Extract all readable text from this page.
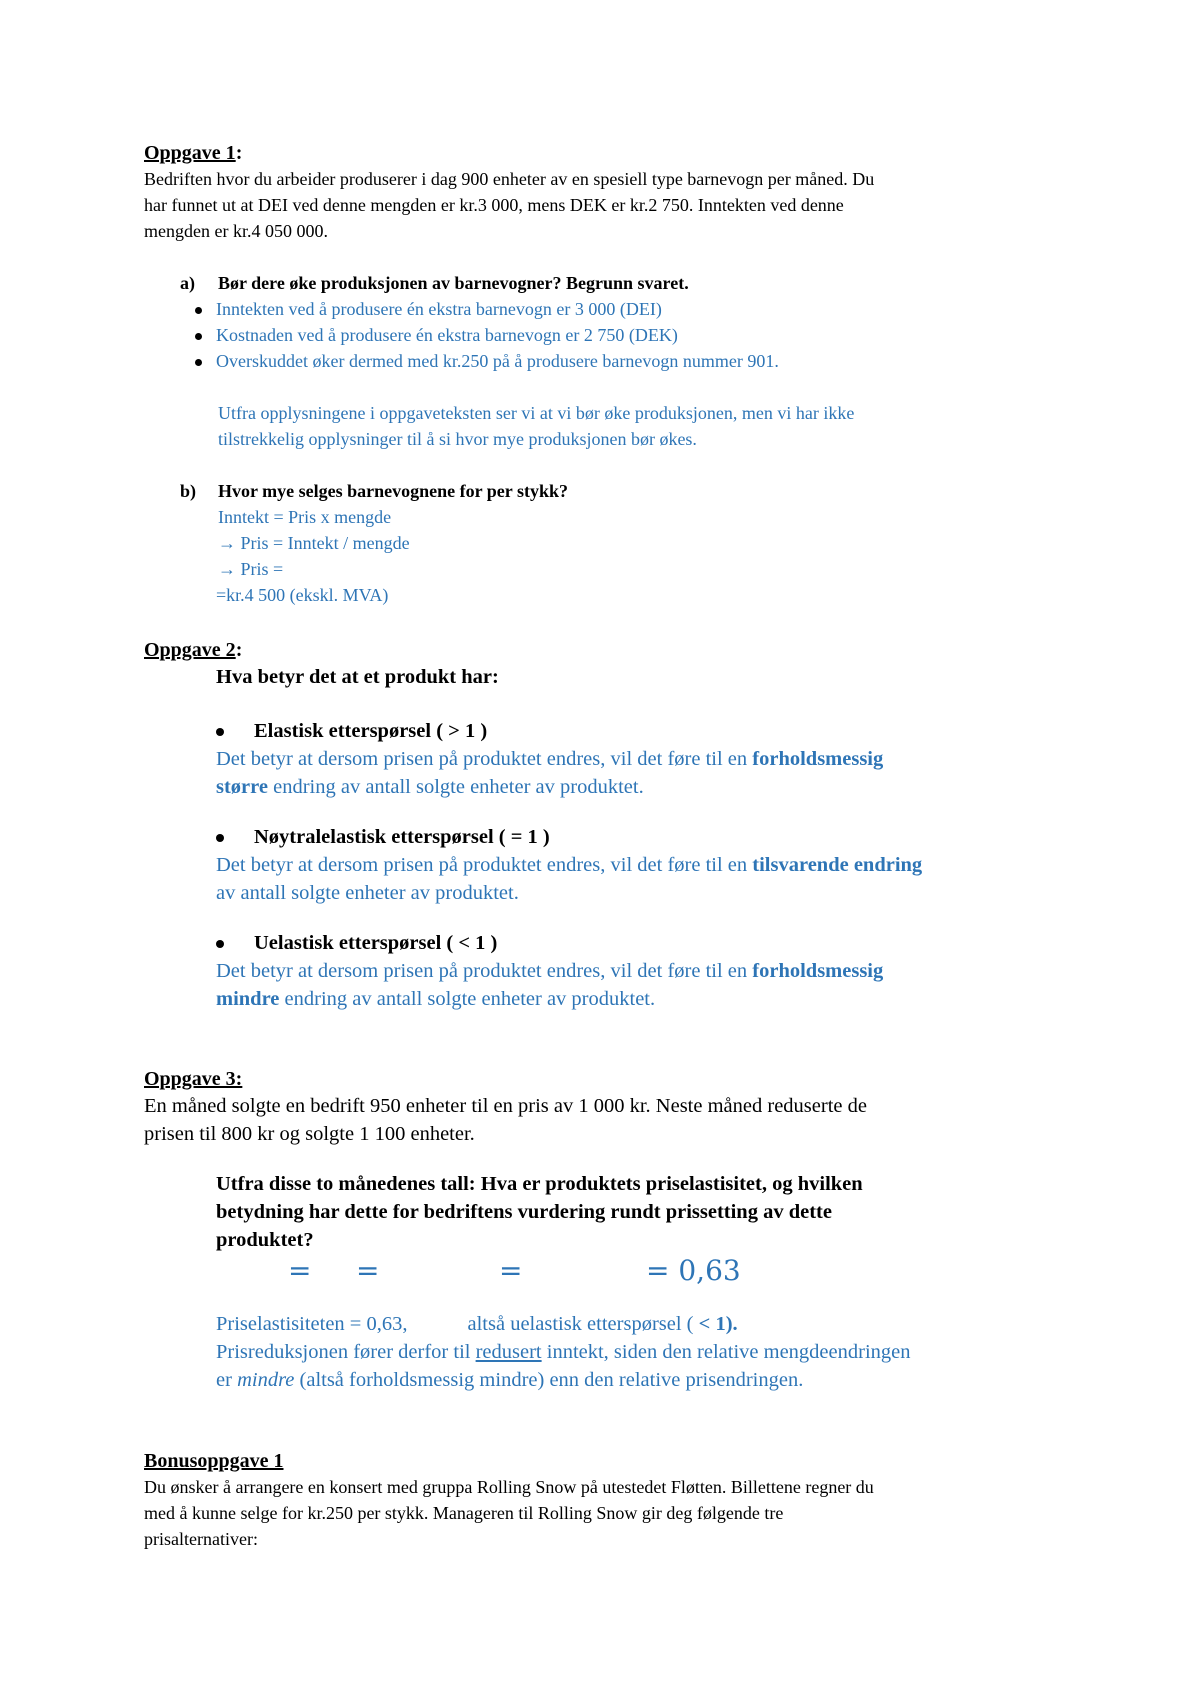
Oppgave 1:

Bedriften hvor du arbeider produserer i dag 900 enheter av en spesiell type barnevogn per måned. Du

har funnet ut at DEI ved denne mengden er kr.3 000, mens DEK er kr.2 750. Inntekten ved denne

mengden er kr.4 050 000.

a)	Bør dere øke produksjonen av barnevogner? Begrunn svaret.
Inntekten ved å produsere én ekstra barnevogn er 3 000 (DEI)
Kostnaden ved å produsere én ekstra barnevogn er 2 750 (DEK)
Overskuddet øker dermed med kr.250 på å produsere barnevogn nummer 901.

Utfra opplysningene i oppgaveteksten ser vi at vi bør øke produksjonen, men vi har ikke

tilstrekkelig opplysninger til å si hvor mye produksjonen bør økes.

b)	Hvor mye selges barnevognene for per stykk?

Inntekt = Pris x mengde

→ Pris = Inntekt / mengde

→ Pris =

=kr.4 500 (ekskl. MVA)

Oppgave 2:

Hva betyr det at et produkt har:

Elastisk etterspørsel ( > 1 )

Det betyr at dersom prisen på produktet endres, vil det føre til en forholdsmessig

større endring av antall solgte enheter av produktet.

Nøytralelastisk etterspørsel ( = 1 )

Det betyr at dersom prisen på produktet endres, vil det føre til en tilsvarende endring

av antall solgte enheter av produktet.

Uelastisk etterspørsel ( < 1 )

Det betyr at dersom prisen på produktet endres, vil det føre til en forholdsmessig

mindre endring av antall solgte enheter av produktet.

Oppgave 3:

En måned solgte en bedrift 950 enheter til en pris av 1 000 kr. Neste måned reduserte de

prisen til 800 kr og solgte 1 100 enheter.

Utfra disse to månedenes tall: Hva er produktets priselastisitet, og hvilken

betydning har dette for bedriftens vurdering rundt prissetting av dette

produktet?

= =	=	= 0,63

Priselastisiteten = 0,63,	altså uelastisk etterspørsel ( < 1).

Prisreduksjonen fører derfor til redusert inntekt, siden den relative mengdeendringen

er mindre (altså forholdsmessig mindre) enn den relative prisendringen.

Bonusoppgave 1

Du ønsker å arrangere en konsert med gruppa Rolling Snow på utestedet Fløtten. Billettene regner du

med å kunne selge for kr.250 per stykk. Manageren til Rolling Snow gir deg følgende tre

prisalternativer:
